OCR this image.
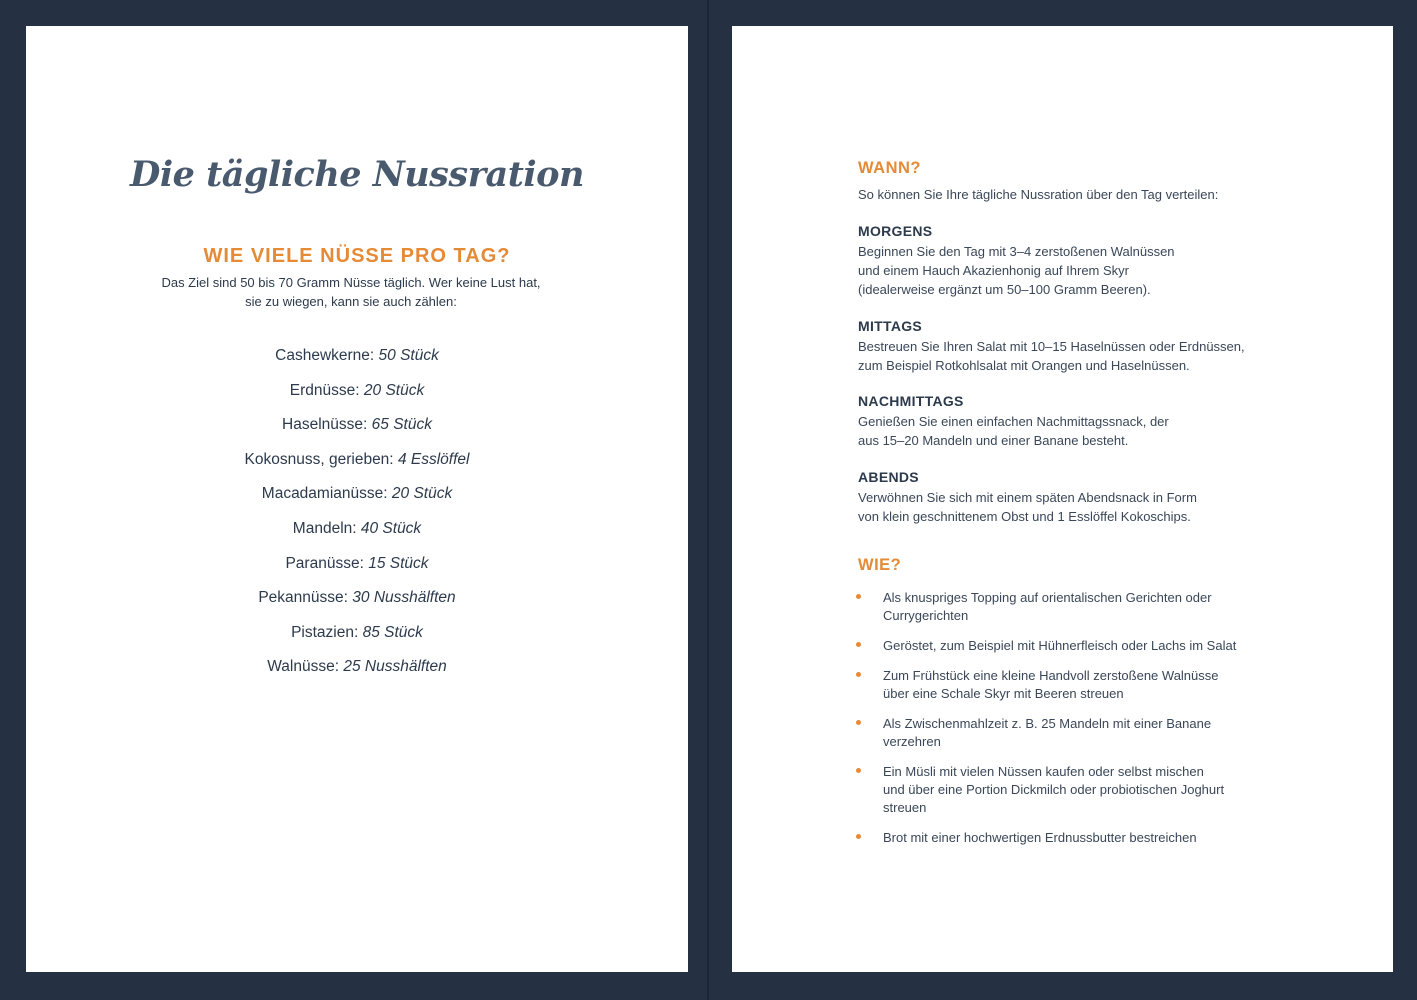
Die tägliche Nussration
WIE VIELE NÜSSE PRO TAG?

Das Ziel sind 50 bis 70 Gramm Nüsse täglich. Wer keine Lust hat,
sie zu wiegen, kann sie auch zählen:

Cashewkerne: 50 Stück
Erdnüsse: 20 Stück
Haselnüsse: 65 Stück
Kokosnuss, gerieben: 4 Esslöffel
Macadamianüsse: 20 Stück
Mandeln: 40 Stück
Paranüsse: 15 Stück
Pekannüsse: 30 Nusshälften
Pistazien: 85 Stück
Walnüsse: 25 Nusshälften
WANN?

So können Sie Ihre tägliche Nussration über den Tag verteilen:

MORGENS

Beginnen Sie den Tag mit 3–4 zerstoßenen Walnüssen
und einem Hauch Akazienhonig auf Ihrem Skyr
(idealerweise ergänzt um 50–100 Gramm Beeren).

MITTAGS

Bestreuen Sie Ihren Salat mit 10–15 Haselnüssen oder Erdnüssen,
zum Beispiel Rotkohlsalat mit Orangen und Haselnüssen.

NACHMITTAGS

Genießen Sie einen einfachen Nachmittagssnack, der
aus 15–20 Mandeln und einer Banane besteht.

ABENDS

Verwöhnen Sie sich mit einem späten Abendsnack in Form
von klein geschnittenem Obst und 1 Esslöffel Kokoschips.

WIE?
Als knuspriges Topping auf orientalischen Gerichten oder
Currygerichten
Geröstet, zum Beispiel mit Hühnerfleisch oder Lachs im Salat
Zum Frühstück eine kleine Handvoll zerstoßene Walnüsse
über eine Schale Skyr mit Beeren streuen
Als Zwischenmahlzeit z. B. 25 Mandeln mit einer Banane
verzehren
Ein Müsli mit vielen Nüssen kaufen oder selbst mischen
und über eine Portion Dickmilch oder probiotischen Joghurt
streuen
Brot mit einer hochwertigen Erdnussbutter bestreichen
